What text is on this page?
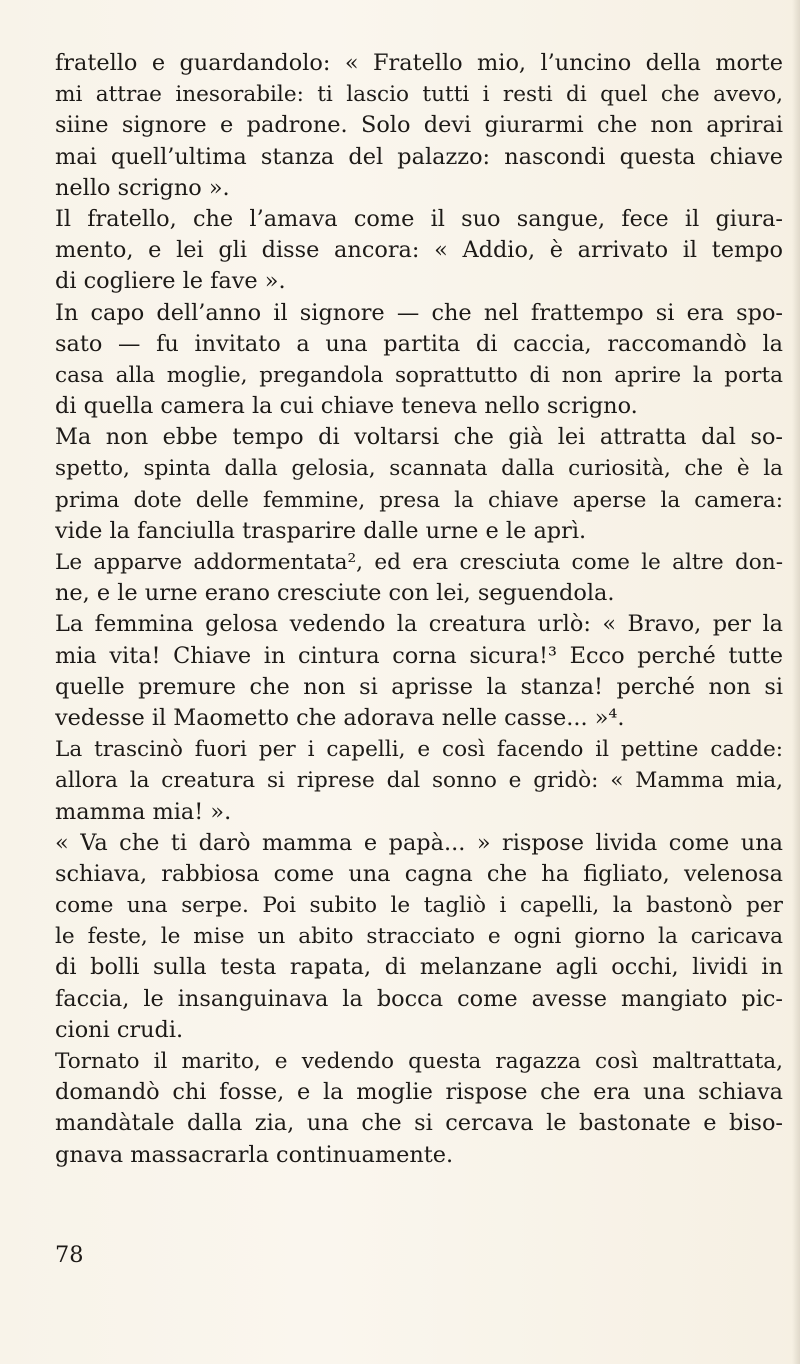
fratello e guardandolo: « Fratello mio, l’uncino della morte
mi attrae inesorabile: ti lascio tutti i resti di quel che avevo,
siine signore e padrone. Solo devi giurarmi che non aprirai
mai quell’ultima stanza del palazzo: nascondi questa chiave
nello scrigno ».
Il fratello, che l’amava come il suo sangue, fece il giura-
mento, e lei gli disse ancora: « Addio, è arrivato il tempo
di cogliere le fave ».
In capo dell’anno il signore — che nel frattempo si era spo-
sato — fu invitato a una partita di caccia, raccomandò la
casa alla moglie, pregandola soprattutto di non aprire la porta
di quella camera la cui chiave teneva nello scrigno.
Ma non ebbe tempo di voltarsi che già lei attratta dal so-
spetto, spinta dalla gelosia, scannata dalla curiosità, che è la
prima dote delle femmine, presa la chiave aperse la camera:
vide la fanciulla trasparire dalle urne e le aprì.
Le apparve addormentata², ed era cresciuta come le altre don-
ne, e le urne erano cresciute con lei, seguendola.
La femmina gelosa vedendo la creatura urlò: « Bravo, per la
mia vita! Chiave in cintura corna sicura!³ Ecco perché tutte
quelle premure che non si aprisse la stanza! perché non si
vedesse il Maometto che adorava nelle casse... »⁴.
La trascinò fuori per i capelli, e così facendo il pettine cadde:
allora la creatura si riprese dal sonno e gridò: « Mamma mia,
mamma mia! ».
« Va che ti darò mamma e papà... » rispose livida come una
schiava, rabbiosa come una cagna che ha figliato, velenosa
come una serpe. Poi subito le tagliò i capelli, la bastonò per
le feste, le mise un abito stracciato e ogni giorno la caricava
di bolli sulla testa rapata, di melanzane agli occhi, lividi in
faccia, le insanguinava la bocca come avesse mangiato pic-
cioni crudi.
Tornato il marito, e vedendo questa ragazza così maltrattata,
domandò chi fosse, e la moglie rispose che era una schiava
mandàtale dalla zia, una che si cercava le bastonate e biso-
gnava massacrarla continuamente.
78
